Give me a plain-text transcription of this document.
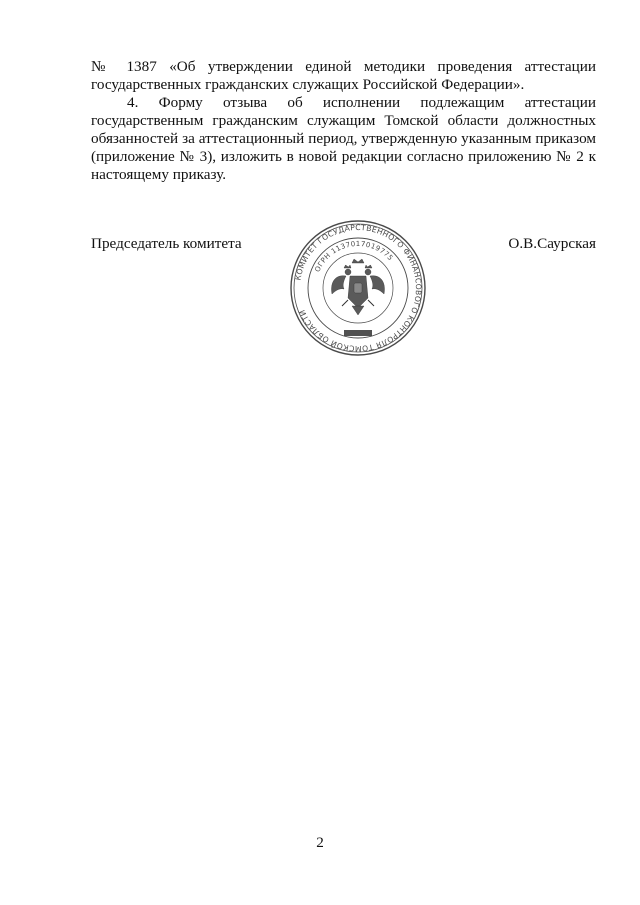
№ 1387 «Об утверждении единой методики проведения аттестации государственных гражданских служащих Российской Федерации».

4. Форму отзыва об исполнении подлежащим аттестации государственным гражданским служащим Томской области должностных обязанностей за аттестационный период, утвержденную указанным приказом (приложение № 3), изложить в новой редакции согласно приложению № 2 к настоящему приказу.

Председатель комитета
КОМИТЕТ ГОСУДАРСТВЕННОГО ФИНАНСОВОГО КОНТРОЛЯ ТОМСКОЙ ОБЛАСТИ
ОГРН 1137017019775
О.В.Саурская
2
